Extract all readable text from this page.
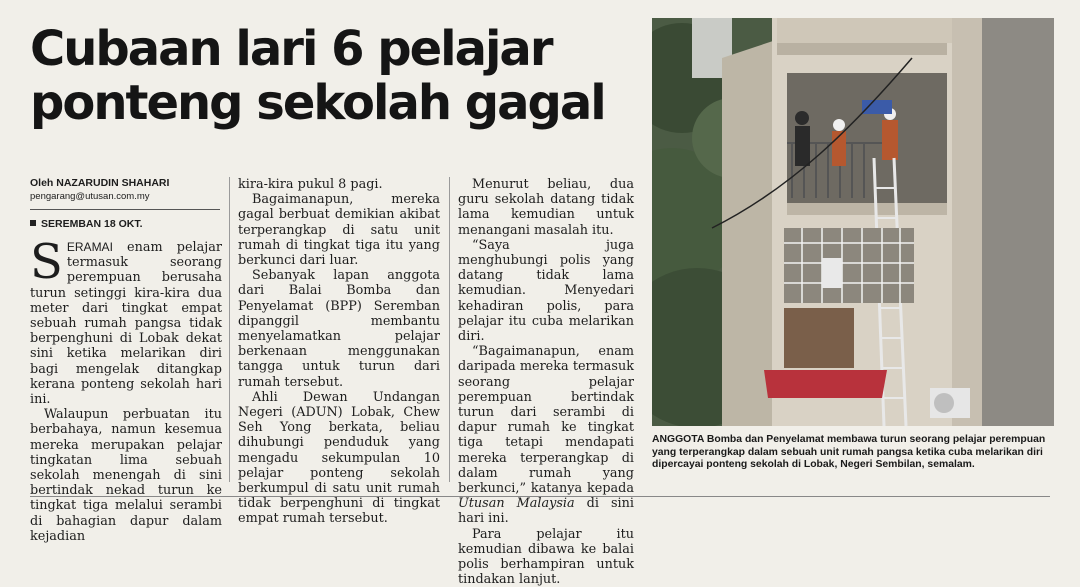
Cubaan lari 6 pelajar
ponteng sekolah gagal
Oleh NAZARUDIN SHAHARI
pengarang@utusan.com.my
SEREMBAN 18 OKT.

SERAMAI enam pelajar termasuk seorang perempuan berusaha turun setinggi kira-kira dua meter dari tingkat empat sebuah rumah pangsa tidak berpenghuni di Lobak dekat sini ketika melarikan diri bagi mengelak ditangkap kerana ponteng sekolah hari ini.

Walaupun perbuatan itu berbahaya, namun kesemua mereka merupakan pelajar tingkatan lima sebuah sekolah menengah di sini bertindak nekad turun ke tingkat tiga melalui serambi di bahagian dapur dalam kejadian

kira-kira pukul 8 pagi.

Bagaimanapun, mereka gagal berbuat demikian akibat terperangkap di satu unit rumah di tingkat tiga itu yang berkunci dari luar.

Sebanyak lapan anggota dari Balai Bomba dan Penyelamat (BPP) Seremban dipanggil membantu menyelamatkan pelajar berkenaan menggunakan tangga untuk turun dari rumah tersebut.

Ahli Dewan Undangan Negeri (ADUN) Lobak, Chew Seh Yong berkata, beliau dihubungi penduduk yang mengadu sekumpulan 10 pelajar ponteng sekolah berkumpul di satu unit rumah tidak berpenghuni di tingkat empat rumah tersebut.

Menurut beliau, dua guru sekolah datang tidak lama kemudian untuk menangani masalah itu.

“Saya juga menghubungi polis yang datang tidak lama kemudian. Menyedari kehadiran polis, para pelajar itu cuba melarikan diri.

“Bagaimanapun, enam daripada mereka termasuk seorang pelajar perempuan bertindak turun dari serambi di dapur rumah ke tingkat tiga tetapi mendapati mereka terperangkap di dalam rumah yang berkunci,” katanya kepada Utusan Malaysia di sini hari ini.

Para pelajar itu kemudian dibawa ke balai polis berhampiran untuk tindakan lanjut.

ANGGOTA Bomba dan Penyelamat membawa turun seorang pelajar perempuan yang terperangkap dalam sebuah unit rumah pangsa ketika cuba melarikan diri dipercayai ponteng sekolah di Lobak, Negeri Sembilan, semalam.
